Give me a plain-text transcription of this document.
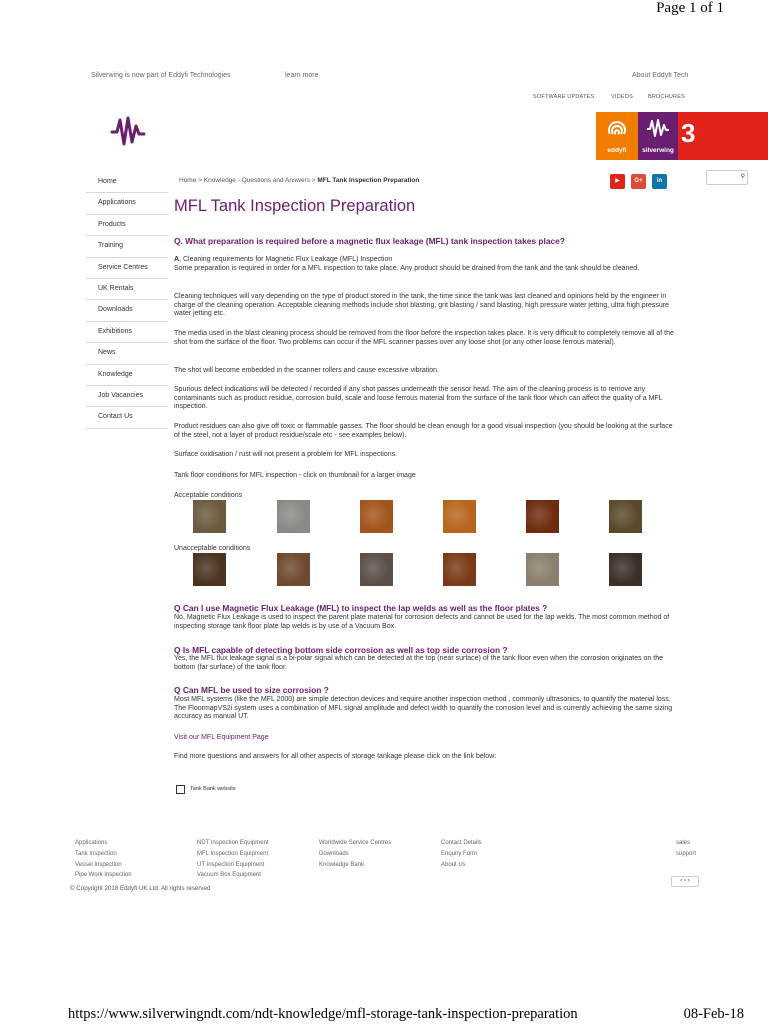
Page 1 of 1
Silverwing is now part of Eddyfi Technologies	learn more	About Eddyfi Tech
SOFTWARE UPDATES	VIDEOS	BROCHURES
eddyfi	silverwing
3
Home
Applications
Products
Training
Service Centres
UK Rentals
Downloads
Exhibitions
News
Knowledge
Job Vacancies
Contact Us
Home > Knowledge - Questions and Answers > MFL Tank Inspection Preparation	▶	G+	in
⚲
MFL Tank Inspection Preparation
Q. What preparation is required before a magnetic flux leakage (MFL) tank inspection takes place?
A, Cleaning requirements for Magnetic Flux Leakage (MFL) Inspection
Some preparation is required in order for a MFL inspection to take place. Any product should be drained from the tank and the tank should be cleaned.
Cleaning techniques will vary depending on the type of product stored in the tank, the time since the tank was last cleaned and opinions held by the engineer in charge of the cleaning operation. Acceptable cleaning methods include shot blasting, grit blasting / sand blasting, high pressure water jetting, ultra high pressure water jetting etc.
The media used in the blast cleaning process should be removed from the floor before the inspection takes place. It is very difficult to completely remove all of the shot from the surface of the floor. Two problems can occur if the MFL scanner passes over any loose shot (or any other loose ferrous material).
The shot will become embedded in the scanner rollers and cause excessive vibration.
Spurious defect indications will be detected / recorded if any shot passes underneath the sensor head. The aim of the cleaning process is to remove any contaminants such as product residue, corrosion build, scale and loose ferrous material from the surface of the tank floor which can affect the quality of a MFL inspection.
Product residues can also give off toxic or flammable gasses. The floor should be clean enough for a good visual inspection (you should be looking at the surface of the steel, not a layer of product residue/scale etc - see examples below).
Surface oxidisation / rust will not present a problem for MFL inspections.
Tank floor conditions for MFL inspection - click on thumbnail for a larger image
Acceptable conditions
Unacceptable conditions
Q Can I use Magnetic Flux Leakage (MFL) to inspect the lap welds as well as the floor plates ?
No, Magnetic Flux Leakage is used to inspect the parent plate material for corrosion defects and cannot be used for the lap welds. The most common method of inspecting storage tank floor plate lap welds is by use of a Vacuum Box.
Q Is MFL capable of detecting bottom side corrosion as well as top side corrosion ?
Yes, the MFL flux leakage signal is a bi-polar signal which can be detected at the top (near surface) of the tank floor even when the corrosion originates on the bottom (far surface) of the tank floor.
Q Can MFL be used to size corrosion ?
Most MFL systems (like the MFL 2000) are simple detection devices and require another inspection method , commonly ultrasonics, to quantify the material loss. The FloormapVS2i system uses a combination of MFL signal amplitude and defect width to quantify the corrosion level and is currently achieving the same sizing accuracy as manual UT.
Visit our MFL Equipment Page
Find more questions and answers for all other aspects of storage tankage please click on the link below:
Tank Bank website
Applications
Tank Inspection
Vessel Inspection
Pipe Work Inspection
NDT Inspection Equipment
MFL Inspection Equipment
UT Inspection Equipment
Vacuum Box Equipment
Worldwide Service Centres
Downloads
Knowledge Bank
Contact Details
Enquiry Form
About Us
sales
support
‹ ▫ ›
© Copyright 2018 Eddyfi UK Ltd. All rights reserved
https://www.silverwingndt.com/ndt-knowledge/mfl-storage-tank-inspection-preparation	08-Feb-18
